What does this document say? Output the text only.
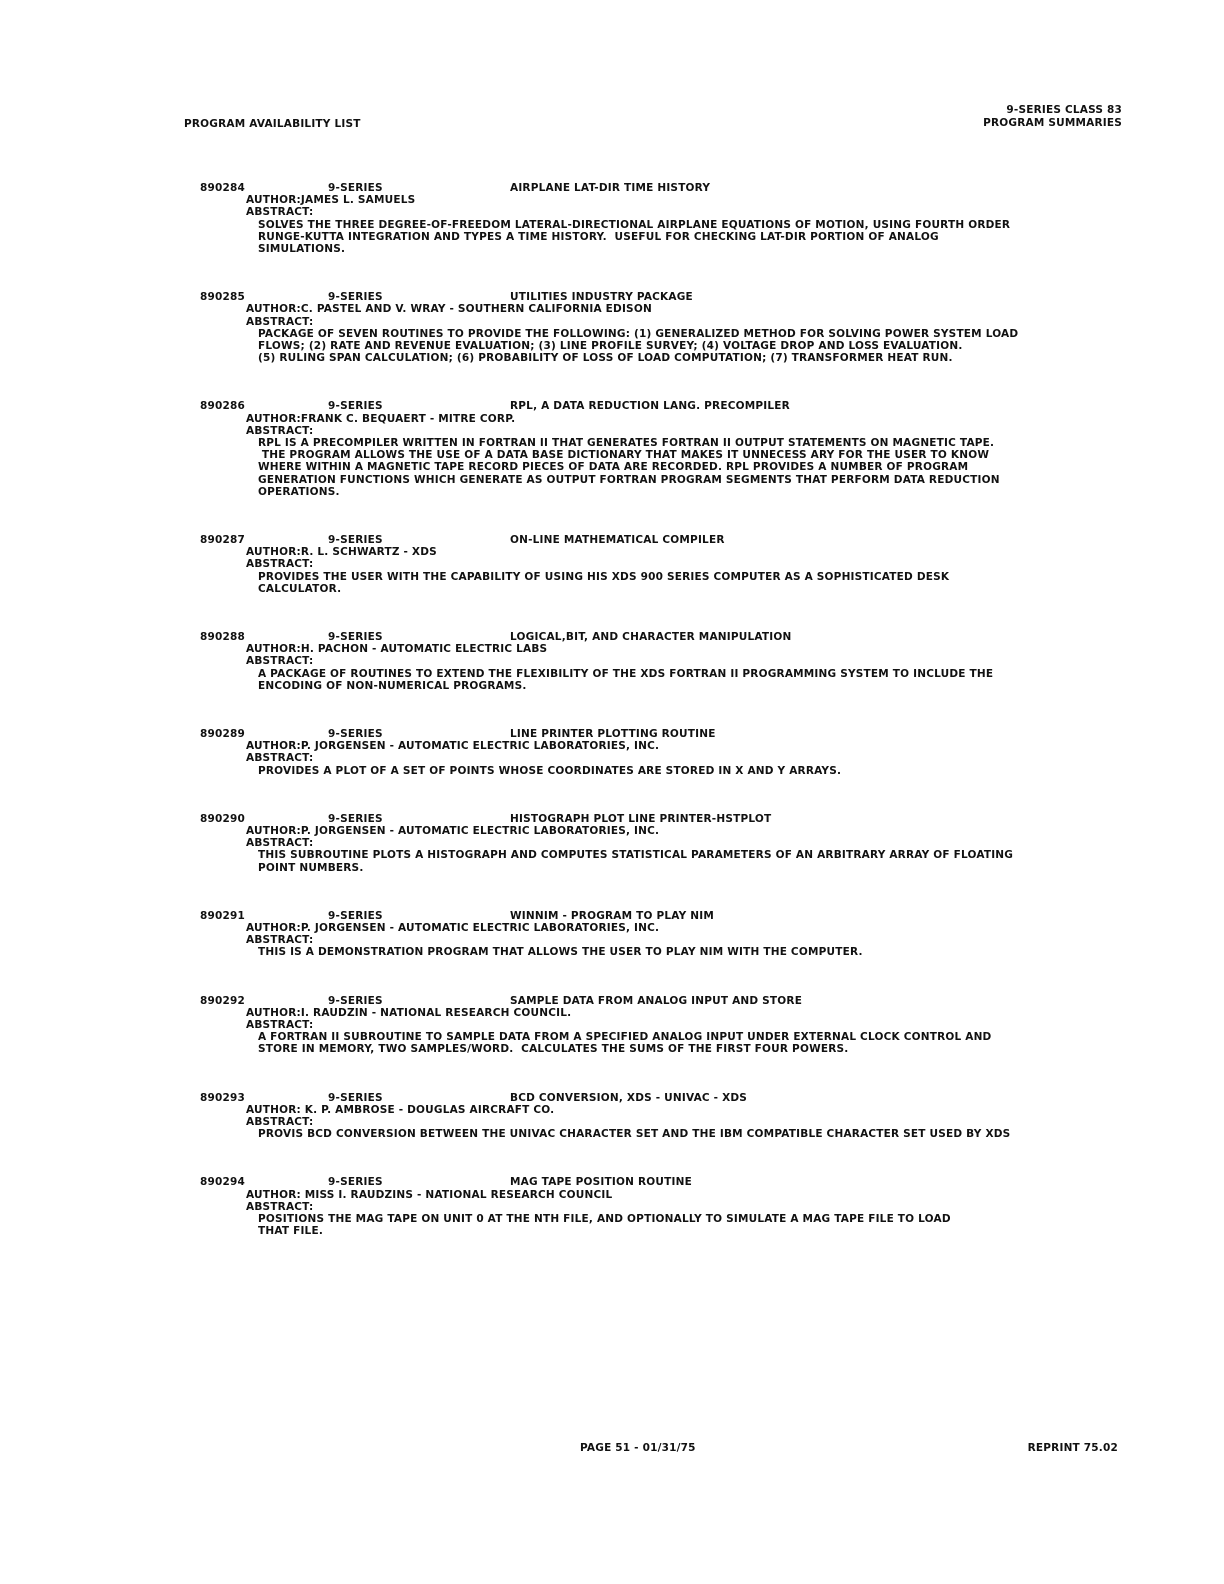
PROGRAM AVAILABILITY LIST
9-SERIES CLASS 83
PROGRAM SUMMARIES
890284	9-SERIES	AIRPLANE LAT-DIR TIME HISTORY
AUTHOR:JAMES L. SAMUELS
ABSTRACT:
SOLVES THE THREE DEGREE-OF-FREEDOM LATERAL-DIRECTIONAL AIRPLANE EQUATIONS OF MOTION, USING FOURTH ORDER
RUNGE-KUTTA INTEGRATION AND TYPES A TIME HISTORY.  USEFUL FOR CHECKING LAT-DIR PORTION OF ANALOG
SIMULATIONS.
890285	9-SERIES	UTILITIES INDUSTRY PACKAGE
AUTHOR:C. PASTEL AND V. WRAY - SOUTHERN CALIFORNIA EDISON
ABSTRACT:
PACKAGE OF SEVEN ROUTINES TO PROVIDE THE FOLLOWING: (1) GENERALIZED METHOD FOR SOLVING POWER SYSTEM LOAD
FLOWS; (2) RATE AND REVENUE EVALUATION; (3) LINE PROFILE SURVEY; (4) VOLTAGE DROP AND LOSS EVALUATION.
(5) RULING SPAN CALCULATION; (6) PROBABILITY OF LOSS OF LOAD COMPUTATION; (7) TRANSFORMER HEAT RUN.
890286	9-SERIES	RPL, A DATA REDUCTION LANG. PRECOMPILER
AUTHOR:FRANK C. BEQUAERT - MITRE CORP.
ABSTRACT:
RPL IS A PRECOMPILER WRITTEN IN FORTRAN II THAT GENERATES FORTRAN II OUTPUT STATEMENTS ON MAGNETIC TAPE.
THE PROGRAM ALLOWS THE USE OF A DATA BASE DICTIONARY THAT MAKES IT UNNECESS ARY FOR THE USER TO KNOW
WHERE WITHIN A MAGNETIC TAPE RECORD PIECES OF DATA ARE RECORDED. RPL PROVIDES A NUMBER OF PROGRAM
GENERATION FUNCTIONS WHICH GENERATE AS OUTPUT FORTRAN PROGRAM SEGMENTS THAT PERFORM DATA REDUCTION
OPERATIONS.
890287	9-SERIES	ON-LINE MATHEMATICAL COMPILER
AUTHOR:R. L. SCHWARTZ - XDS
ABSTRACT:
PROVIDES THE USER WITH THE CAPABILITY OF USING HIS XDS 900 SERIES COMPUTER AS A SOPHISTICATED DESK
CALCULATOR.
890288	9-SERIES	LOGICAL,BIT, AND CHARACTER MANIPULATION
AUTHOR:H. PACHON - AUTOMATIC ELECTRIC LABS
ABSTRACT:
A PACKAGE OF ROUTINES TO EXTEND THE FLEXIBILITY OF THE XDS FORTRAN II PROGRAMMING SYSTEM TO INCLUDE THE
ENCODING OF NON-NUMERICAL PROGRAMS.
890289	9-SERIES	LINE PRINTER PLOTTING ROUTINE
AUTHOR:P. JORGENSEN - AUTOMATIC ELECTRIC LABORATORIES, INC.
ABSTRACT:
PROVIDES A PLOT OF A SET OF POINTS WHOSE COORDINATES ARE STORED IN X AND Y ARRAYS.
890290	9-SERIES	HISTOGRAPH PLOT LINE PRINTER-HSTPLOT
AUTHOR:P. JORGENSEN - AUTOMATIC ELECTRIC LABORATORIES, INC.
ABSTRACT:
THIS SUBROUTINE PLOTS A HISTOGRAPH AND COMPUTES STATISTICAL PARAMETERS OF AN ARBITRARY ARRAY OF FLOATING
POINT NUMBERS.
890291	9-SERIES	WINNIM - PROGRAM TO PLAY NIM
AUTHOR:P. JORGENSEN - AUTOMATIC ELECTRIC LABORATORIES, INC.
ABSTRACT:
THIS IS A DEMONSTRATION PROGRAM THAT ALLOWS THE USER TO PLAY NIM WITH THE COMPUTER.
890292	9-SERIES	SAMPLE DATA FROM ANALOG INPUT AND STORE
AUTHOR:I. RAUDZIN - NATIONAL RESEARCH COUNCIL.
ABSTRACT:
A FORTRAN II SUBROUTINE TO SAMPLE DATA FROM A SPECIFIED ANALOG INPUT UNDER EXTERNAL CLOCK CONTROL AND
STORE IN MEMORY, TWO SAMPLES/WORD.  CALCULATES THE SUMS OF THE FIRST FOUR POWERS.
890293	9-SERIES	BCD CONVERSION, XDS - UNIVAC - XDS
AUTHOR: K. P. AMBROSE - DOUGLAS AIRCRAFT CO.
ABSTRACT:
PROVIS BCD CONVERSION BETWEEN THE UNIVAC CHARACTER SET AND THE IBM COMPATIBLE CHARACTER SET USED BY XDS
890294	9-SERIES	MAG TAPE POSITION ROUTINE
AUTHOR: MISS I. RAUDZINS - NATIONAL RESEARCH COUNCIL
ABSTRACT:
POSITIONS THE MAG TAPE ON UNIT 0 AT THE NTH FILE, AND OPTIONALLY TO SIMULATE A MAG TAPE FILE TO LOAD
THAT FILE.
PAGE 51 - 01/31/75	REPRINT 75.02
